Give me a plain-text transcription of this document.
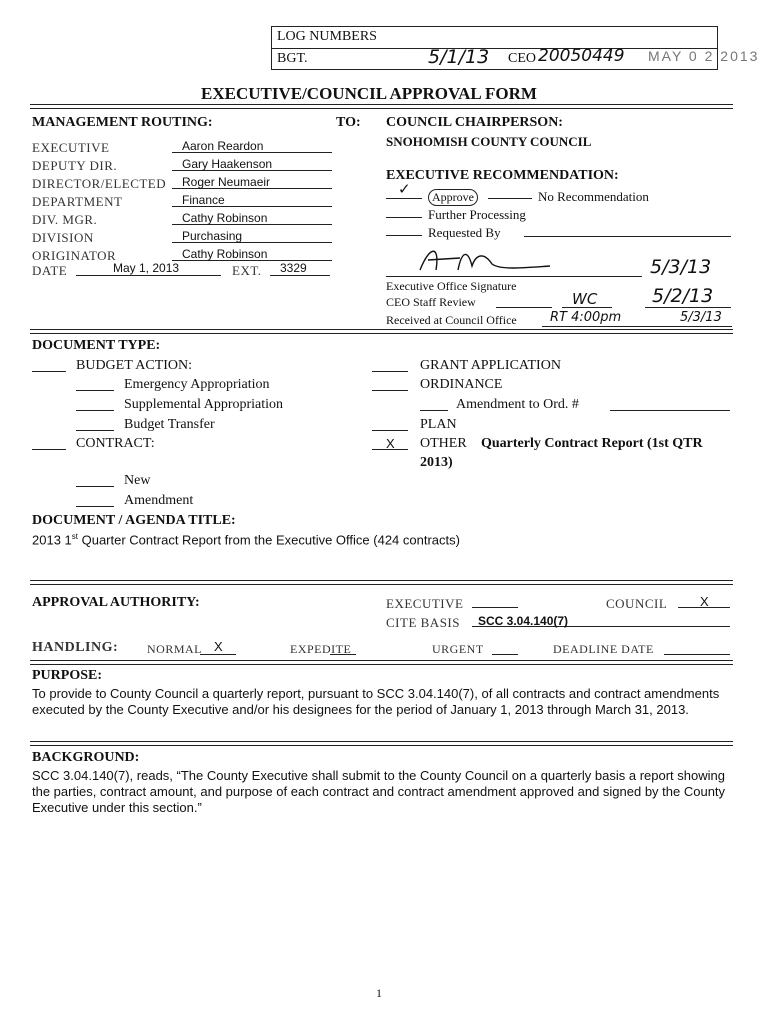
LOG NUMBERS
BGT.	5/1/13 CEO 20050449 MAY 0 2 2013
EXECUTIVE/COUNCIL APPROVAL FORM
MANAGEMENT ROUTING:	TO:
EXECUTIVE	Aaron Reardon
DEPUTY DIR.	Gary Haakenson
DIRECTOR/ELECTED Roger Neumaeir
DEPARTMENT	Finance
DIV. MGR.	Cathy Robinson
DIVISION	Purchasing
ORIGINATOR	Cathy Robinson
DATE	May 1, 2013	EXT. 3329
COUNCIL CHAIRPERSON:
SNOHOMISH COUNTY COUNCIL
EXECUTIVE RECOMMENDATION:
✓	Approve	No Recommendation
Further Processing
Requested By
5/3/13
Executive Office Signature
CEO Staff Review	WC	5/2/13
Received at Council Office	RT 4:00pm	5/3/13
DOCUMENT TYPE:
BUDGET ACTION:
Emergency Appropriation
Supplemental Appropriation
Budget Transfer
CONTRACT:
New
Amendment
GRANT APPLICATION
ORDINANCE
Amendment to Ord. #
PLAN
X OTHER Quarterly Contract Report (1st QTR
2013)
DOCUMENT / AGENDA TITLE:
2013 1st Quarter Contract Report from the Executive Office (424 contracts)
APPROVAL AUTHORITY:	EXECUTIVE	COUNCIL	X
CITE BASIS SCC 3.04.140(7)
HANDLING: NORMAL X	EXPEDITE	URGENT	DEADLINE DATE
PURPOSE:
To provide to County Council a quarterly report, pursuant to SCC 3.04.140(7), of all contracts and contract amendments executed by the County Executive and/or his designees for the period of January 1, 2013 through March 31, 2013.
BACKGROUND:
SCC 3.04.140(7), reads, “The County Executive shall submit to the County Council on a quarterly basis a report showing the parties, contract amount, and purpose of each contract and contract amendment approved and signed by the County Executive under this section.”
1
